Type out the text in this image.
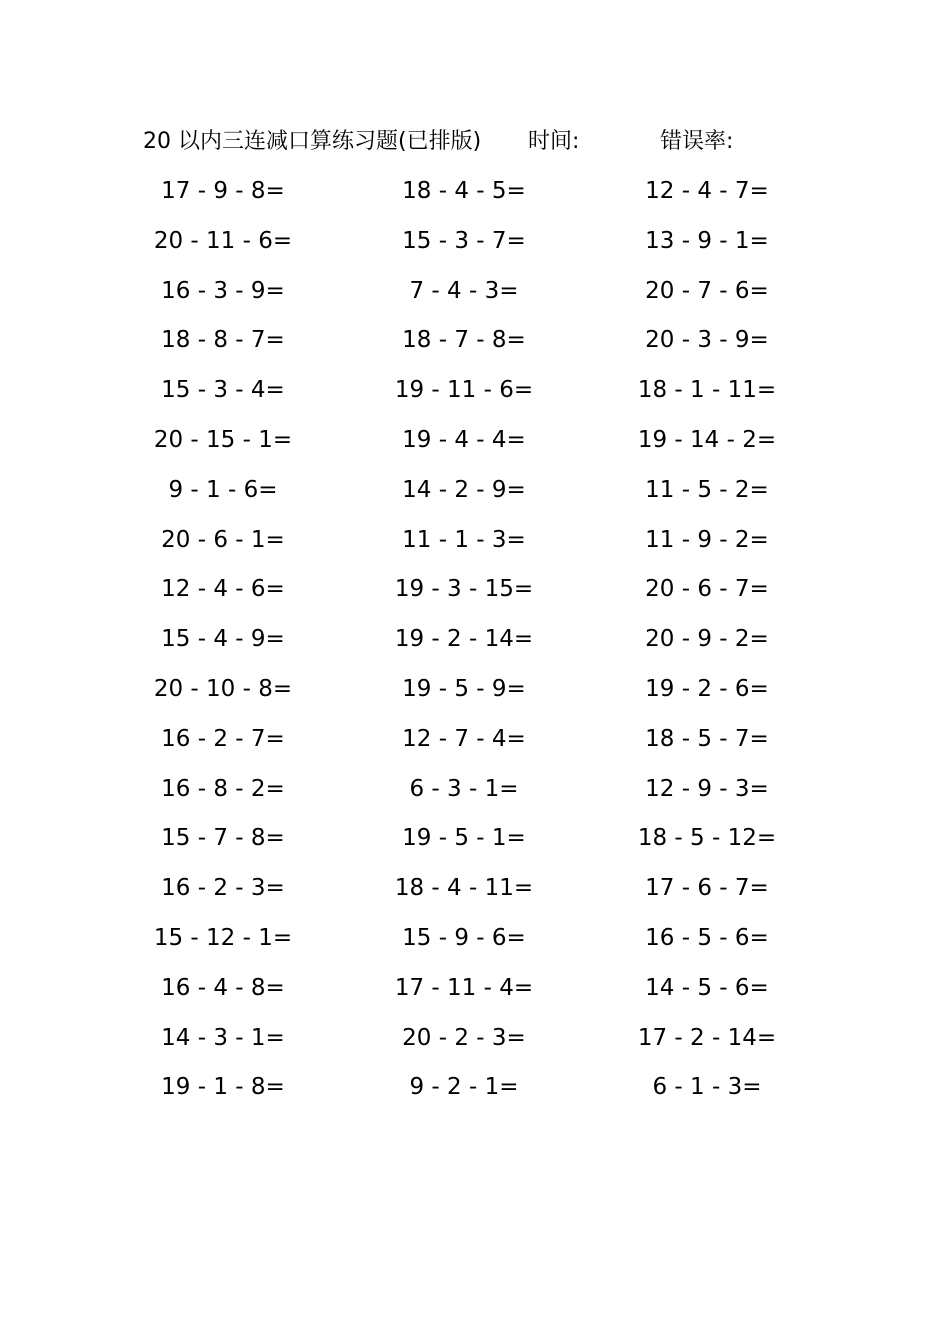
20 以内三连减口算练习题(已排版) 时间:	错误率:
17 - 9 - 8=	18 - 4 - 5=	12 - 4 - 7=
20 - 11 - 6=	15 - 3 - 7=	13 - 9 - 1=
16 - 3 - 9=	7 - 4 - 3=	20 - 7 - 6=
18 - 8 - 7=	18 - 7 - 8=	20 - 3 - 9=
15 - 3 - 4=	19 - 11 - 6=	18 - 1 - 11=
20 - 15 - 1=	19 - 4 - 4=	19 - 14 - 2=
9 - 1 - 6=	14 - 2 - 9=	11 - 5 - 2=
20 - 6 - 1=	11 - 1 - 3=	11 - 9 - 2=
12 - 4 - 6=	19 - 3 - 15=	20 - 6 - 7=
15 - 4 - 9=	19 - 2 - 14=	20 - 9 - 2=
20 - 10 - 8=	19 - 5 - 9=	19 - 2 - 6=
16 - 2 - 7=	12 - 7 - 4=	18 - 5 - 7=
16 - 8 - 2=	6 - 3 - 1=	12 - 9 - 3=
15 - 7 - 8=	19 - 5 - 1=	18 - 5 - 12=
16 - 2 - 3=	18 - 4 - 11=	17 - 6 - 7=
15 - 12 - 1=	15 - 9 - 6=	16 - 5 - 6=
16 - 4 - 8=	17 - 11 - 4=	14 - 5 - 6=
14 - 3 - 1=	20 - 2 - 3=	17 - 2 - 14=
19 - 1 - 8=	9 - 2 - 1=	6 - 1 - 3=
